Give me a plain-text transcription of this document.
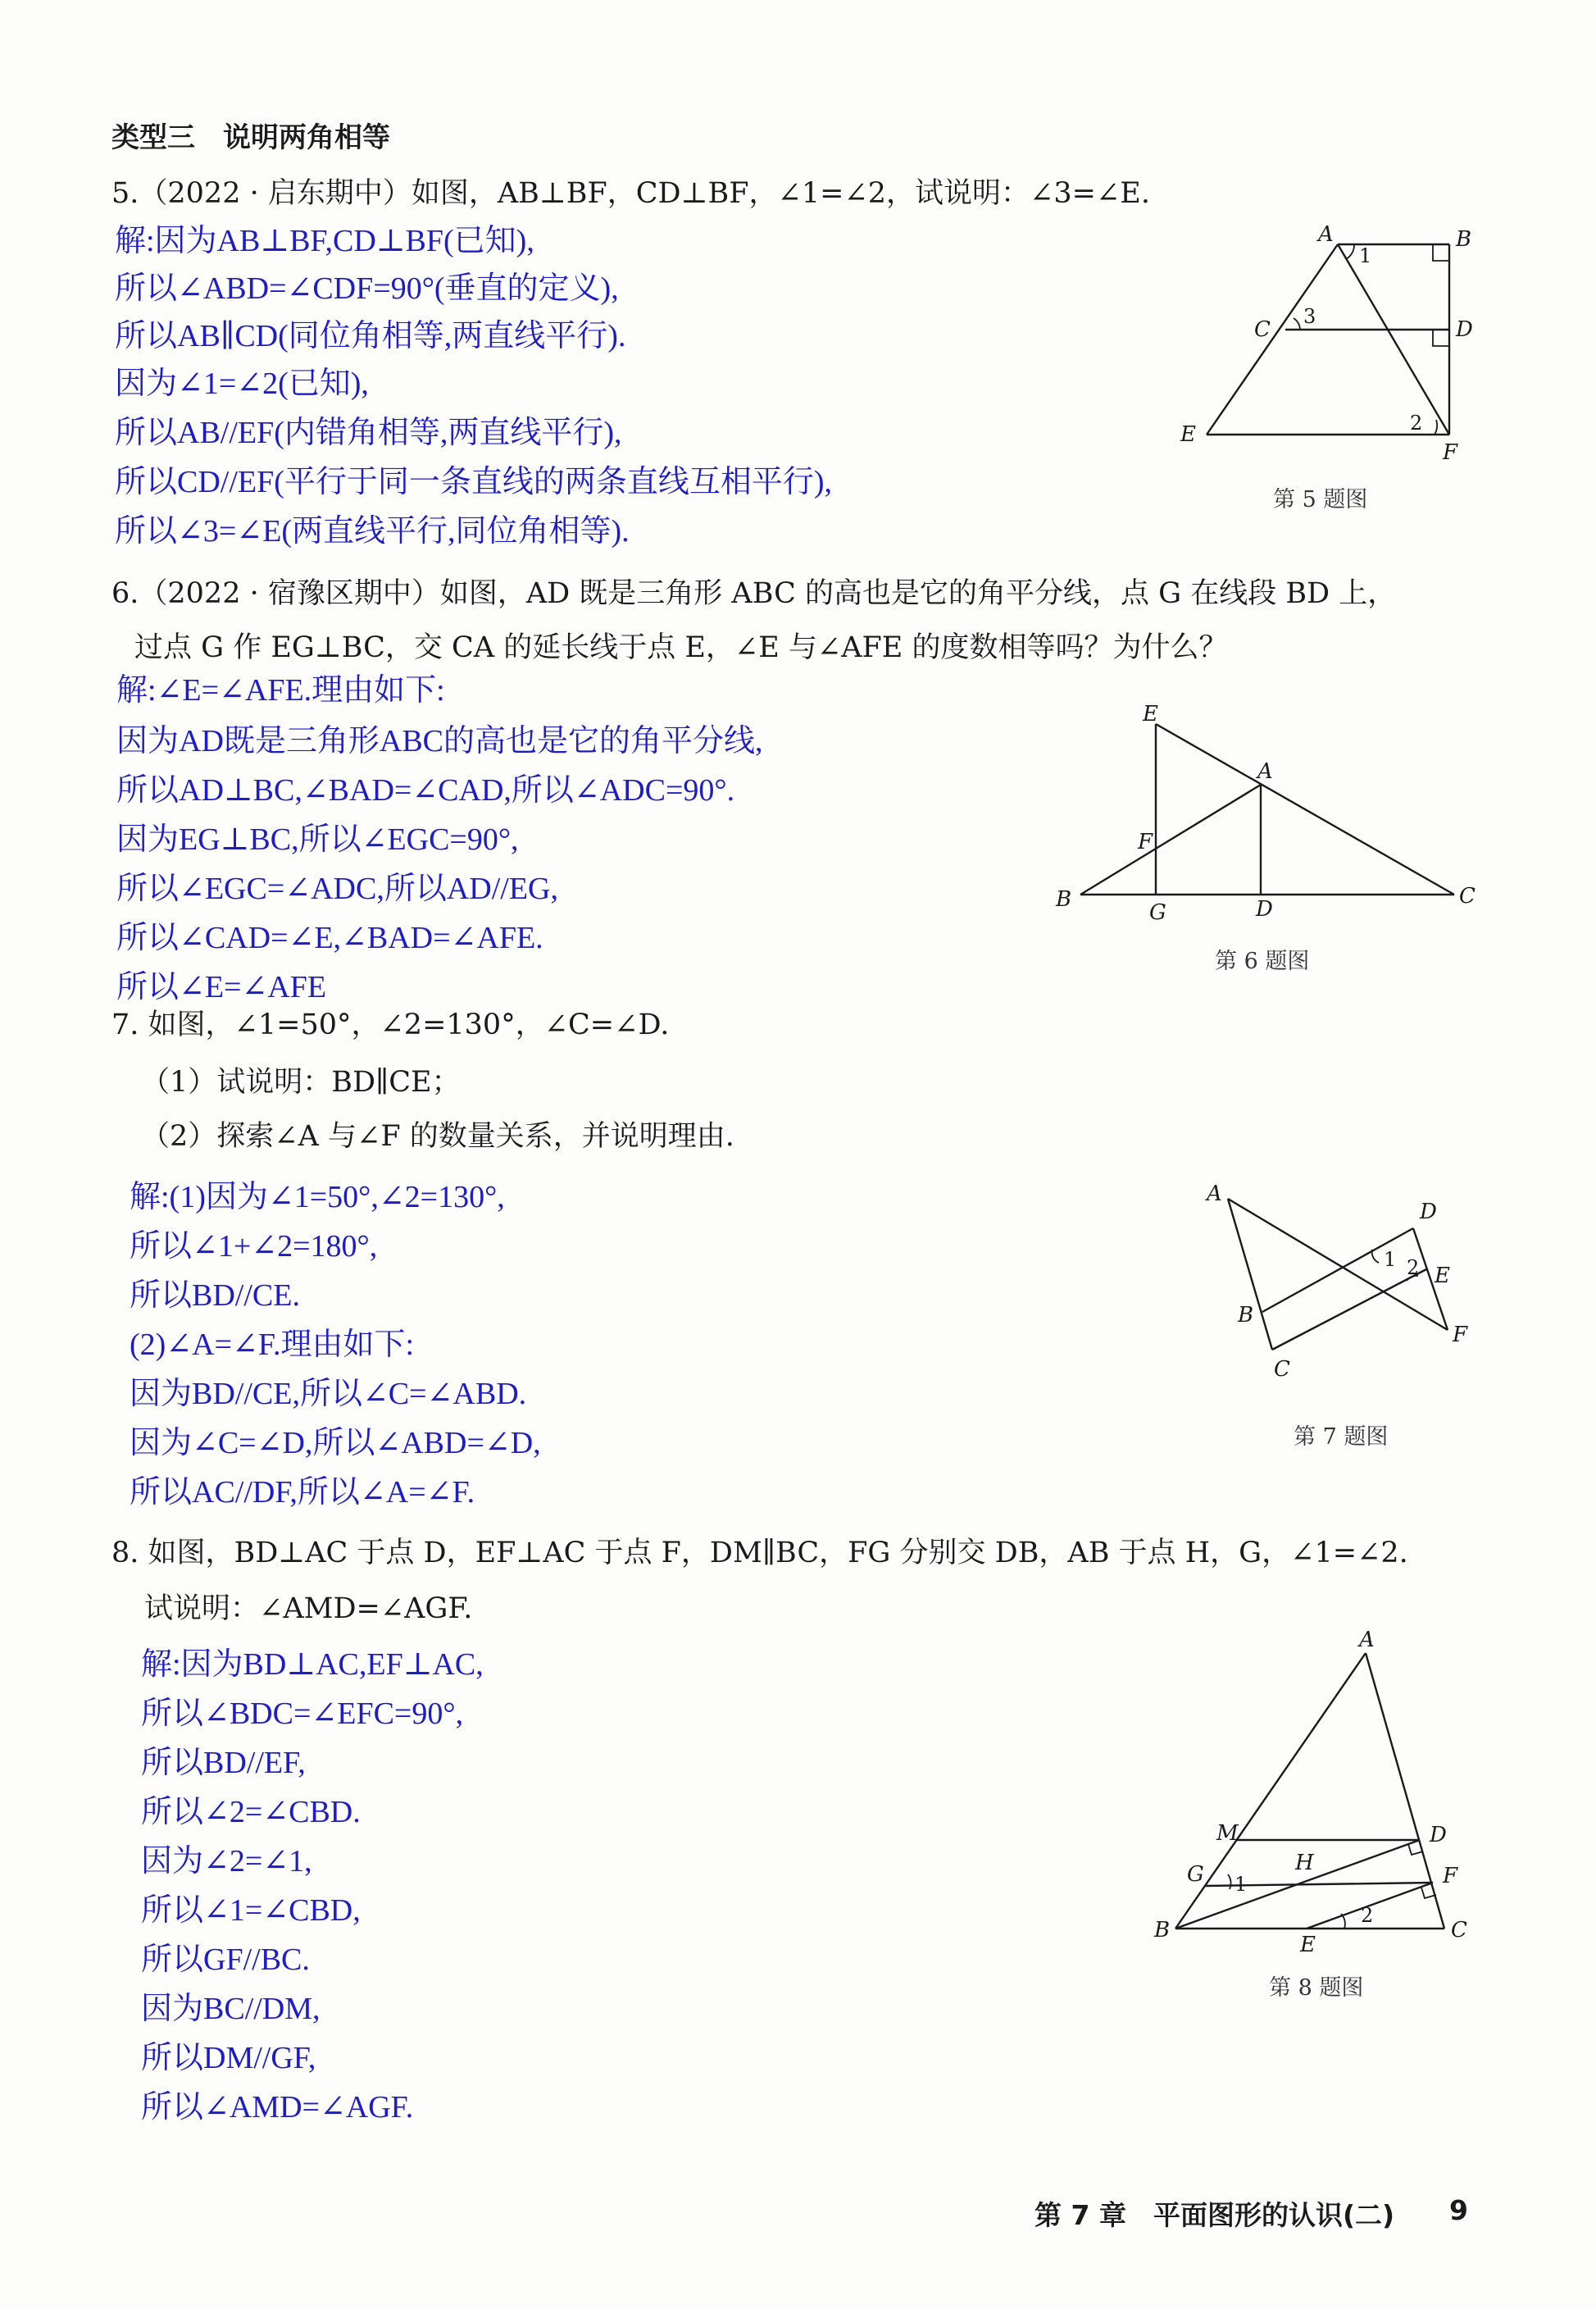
类型三　说明两角相等
5.（2022 · 启东期中）如图，AB⊥BF，CD⊥BF，∠1=∠2，试说明：∠3=∠E.
解:因为AB⊥BF,CD⊥BF(已知),
所以∠ABD=∠CDF=90°(垂直的定义),
所以AB∥CD(同位角相等,两直线平行).
因为∠1=∠2(已知),
所以AB//EF(内错角相等,两直线平行),
所以CD//EF(平行于同一条直线的两条直线互相平行),
所以∠3=∠E(两直线平行,同位角相等).
A	B
C	D
E
F
1
2
3
第 5 题图
6.（2022 · 宿豫区期中）如图，AD 既是三角形 ABC 的高也是它的角平分线，点 G 在线段 BD 上，
过点 G 作 EG⊥BC，交 CA 的延长线于点 E，∠E 与∠AFE 的度数相等吗？为什么？
解:∠E=∠AFE.理由如下:
因为AD既是三角形ABC的高也是它的角平分线,
所以AD⊥BC,∠BAD=∠CAD,所以∠ADC=90°.
因为EG⊥BC,所以∠EGC=90°,
所以∠EGC=∠ADC,所以AD//EG,
所以∠CAD=∠E,∠BAD=∠AFE.
所以∠E=∠AFE
E
A
F
B
G	D
C
第 6 题图
7. 如图，∠1=50°，∠2=130°，∠C=∠D.
（1）试说明：BD∥CE；
（2）探索∠A 与∠F 的数量关系，并说明理由.
解:(1)因为∠1=50°,∠2=130°,
所以∠1+∠2=180°,
所以BD//CE.
(2)∠A=∠F.理由如下:
因为BD//CE,所以∠C=∠ABD.
因为∠C=∠D,所以∠ABD=∠D,
所以AC//DF,所以∠A=∠F.
A
D
B
E
F
C
1 2
第 7 题图
8. 如图，BD⊥AC 于点 D，EF⊥AC 于点 F，DM∥BC，FG 分别交 DB，AB 于点 H，G，∠1=∠2.
试说明：∠AMD=∠AGF.
解:因为BD⊥AC,EF⊥AC,
所以∠BDC=∠EFC=90°,
所以BD//EF,
所以∠2=∠CBD.
因为∠2=∠1,
所以∠1=∠CBD,
所以GF//BC.
因为BC//DM,
所以DM//GF,
所以∠AMD=∠AGF.
A
M	D
G	H
F
B
E
C
1
2
第 8 题图
第 7 章　平面图形的认识(二) 9
